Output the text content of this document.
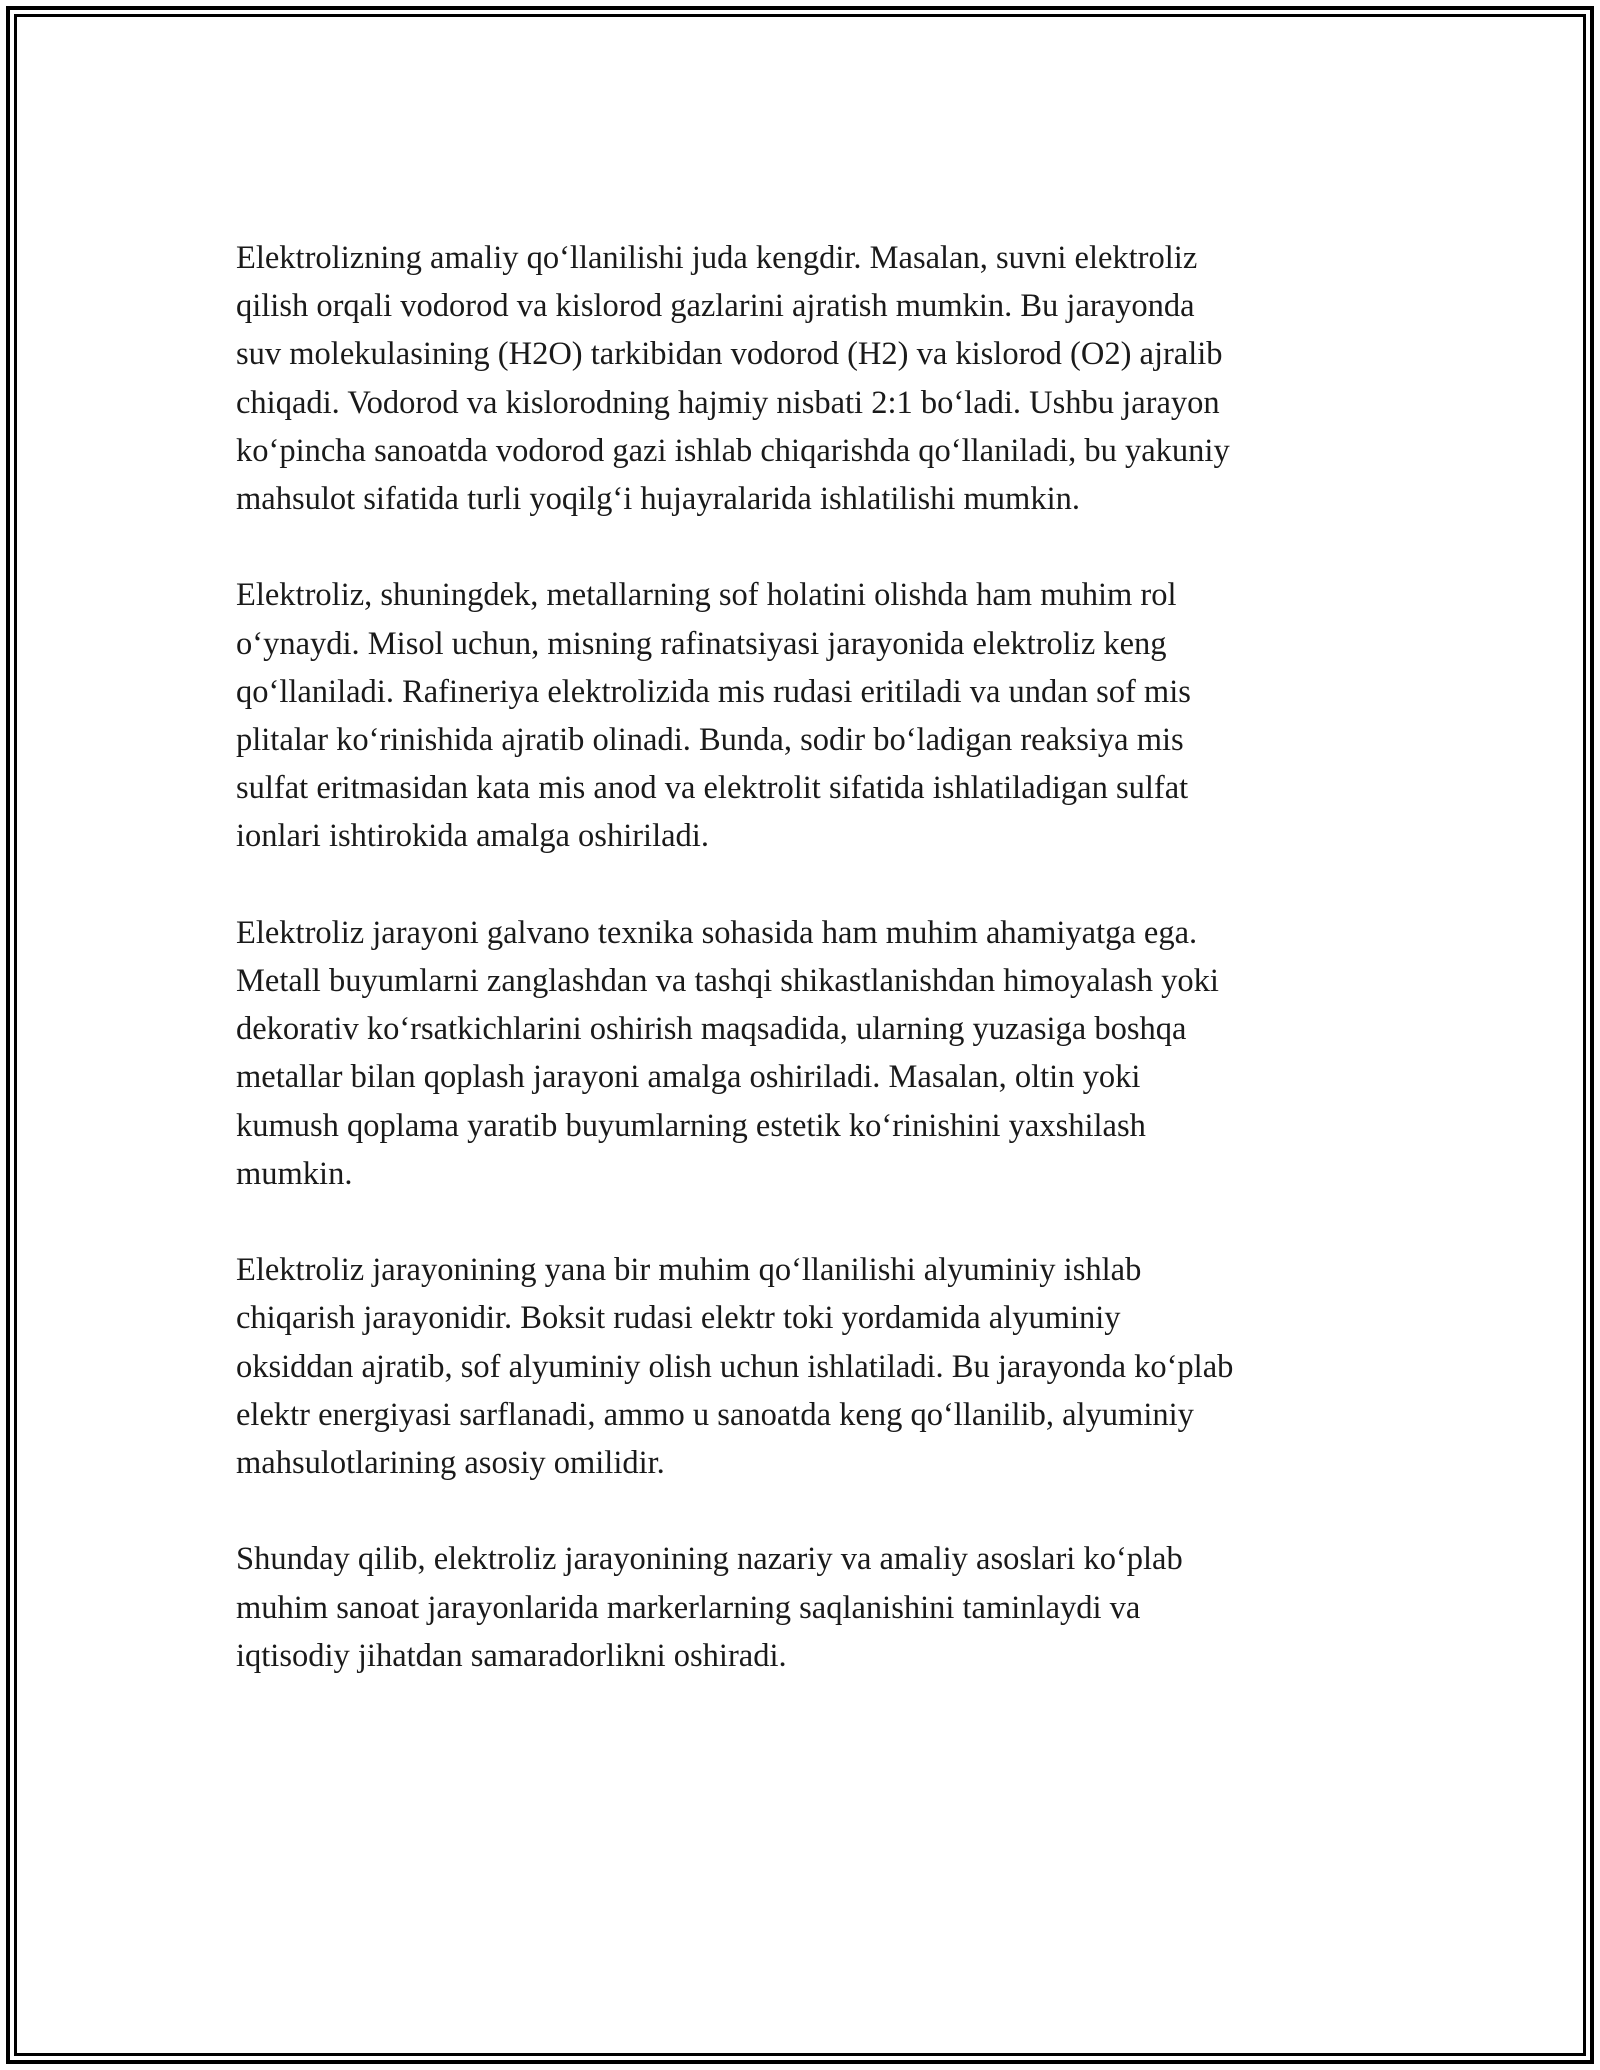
Elektrolizning amaliy qo‘llanilishi juda kengdir. Masalan, suvni elektroliz
qilish orqali vodorod va kislorod gazlarini ajratish mumkin. Bu jarayonda
suv molekulasining (H2O) tarkibidan vodorod (H2) va kislorod (O2) ajralib
chiqadi. Vodorod va kislorodning hajmiy nisbati 2:1 bo‘ladi. Ushbu jarayon
ko‘pincha sanoatda vodorod gazi ishlab chiqarishda qo‘llaniladi, bu yakuniy
mahsulot sifatida turli yoqilg‘i hujayralarida ishlatilishi mumkin.

Elektroliz, shuningdek, metallarning sof holatini olishda ham muhim rol
o‘ynaydi. Misol uchun, misning rafinatsiyasi jarayonida elektroliz keng
qo‘llaniladi. Rafineriya elektrolizida mis rudasi eritiladi va undan sof mis
plitalar ko‘rinishida ajratib olinadi. Bunda, sodir bo‘ladigan reaksiya mis
sulfat eritmasidan kata mis anod va elektrolit sifatida ishlatiladigan sulfat
ionlari ishtirokida amalga oshiriladi.

Elektroliz jarayoni galvano texnika sohasida ham muhim ahamiyatga ega.
Metall buyumlarni zanglashdan va tashqi shikastlanishdan himoyalash yoki
dekorativ ko‘rsatkichlarini oshirish maqsadida, ularning yuzasiga boshqa
metallar bilan qoplash jarayoni amalga oshiriladi. Masalan, oltin yoki
kumush qoplama yaratib buyumlarning estetik ko‘rinishini yaxshilash
mumkin.

Elektroliz jarayonining yana bir muhim qo‘llanilishi alyuminiy ishlab
chiqarish jarayonidir. Boksit rudasi elektr toki yordamida alyuminiy
oksiddan ajratib, sof alyuminiy olish uchun ishlatiladi. Bu jarayonda ko‘plab
elektr energiyasi sarflanadi, ammo u sanoatda keng qo‘llanilib, alyuminiy
mahsulotlarining asosiy omilidir.

Shunday qilib, elektroliz jarayonining nazariy va amaliy asoslari ko‘plab
muhim sanoat jarayonlarida markerlarning saqlanishini taminlaydi va
iqtisodiy jihatdan samaradorlikni oshiradi.
